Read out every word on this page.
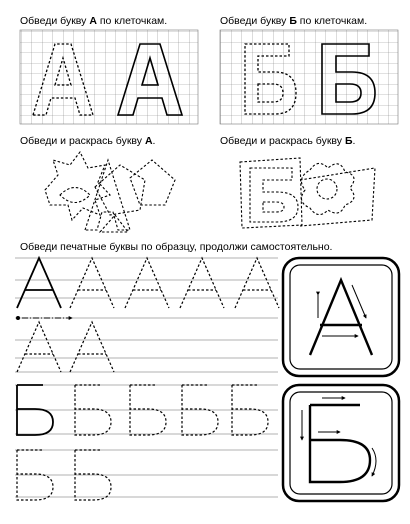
Обведи букву А по клеточкам.	Обведи букву Б по клеточкам.
Обведи и раскрась букву А.	Обведи и раскрась букву Б.
Обведи печатные буквы по образцу, продолжи самостоятельно.
